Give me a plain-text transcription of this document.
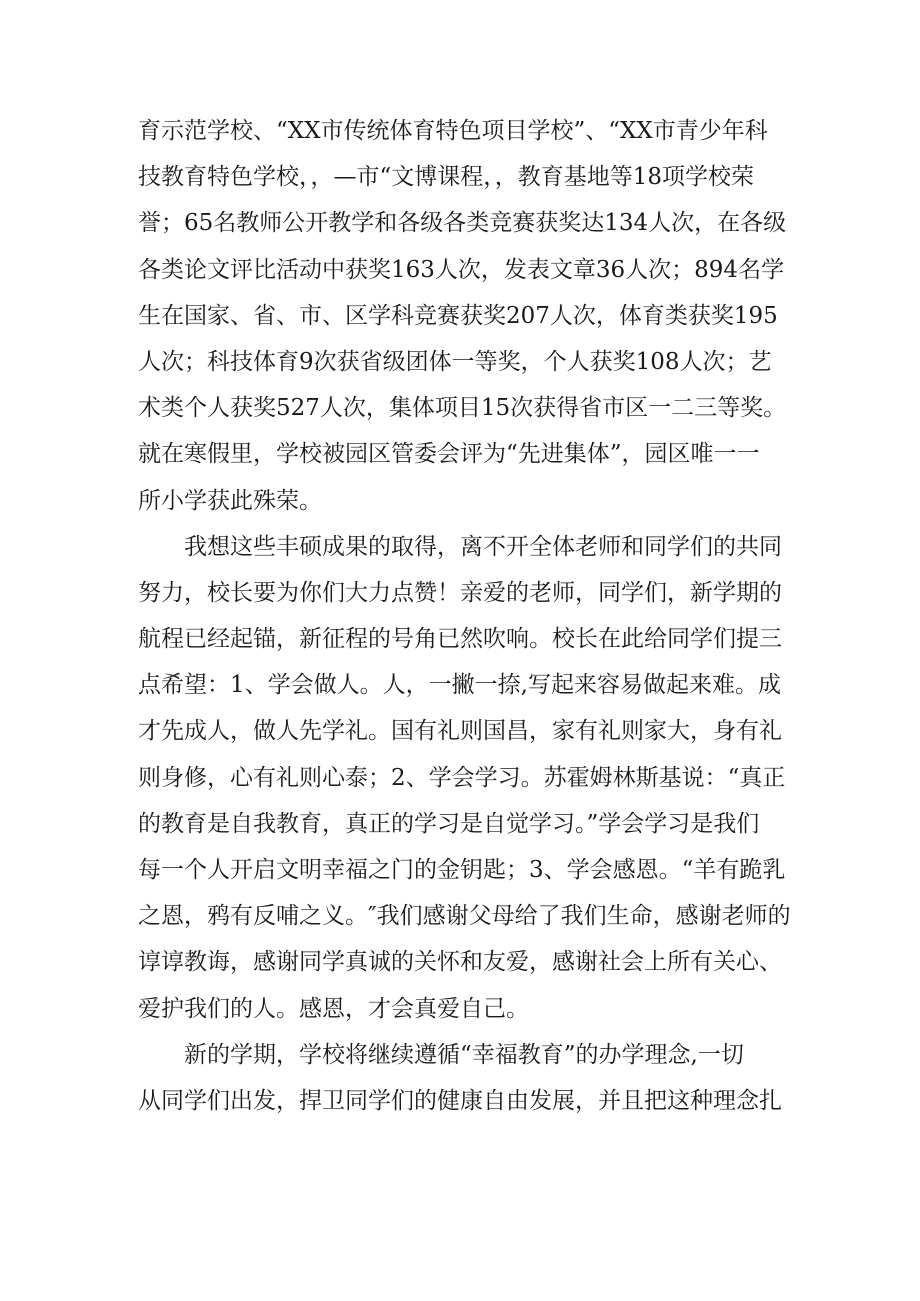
育示范学校、“XX市传统体育特色项目学校”、“XX市青少年科
技教育特色学校，，—市“文博课程，，教育基地等18项学校荣
誉；65名教师公开教学和各级各类竞赛获奖达134人次，在各级
各类论文评比活动中获奖163人次，发表文章36人次；894名学
生在国家、省、市、区学科竞赛获奖207人次，体育类获奖195
人次；科技体育9次获省级团体一等奖，个人获奖108人次；艺
术类个人获奖527人次，集体项目15次获得省市区一二三等奖。
就在寒假里，学校被园区管委会评为“先进集体”，园区唯一一
所小学获此殊荣。
我想这些丰硕成果的取得，离不开全体老师和同学们的共同
努力，校长要为你们大力点赞！亲爱的老师，同学们，新学期的
航程已经起锚，新征程的号角已然吹响。校长在此给同学们提三
点希望：1、学会做人。人，一撇一捺,写起来容易做起来难。成
才先成人，做人先学礼。国有礼则国昌，家有礼则家大，身有礼
则身修，心有礼则心泰；2、学会学习。苏霍姆林斯基说：“真正
的教育是自我教育，真正的学习是自觉学习。”学会学习是我们
每一个人开启文明幸福之门的金钥匙；3、学会感恩。“羊有跪乳
之恩，鸦有反哺之义。″我们感谢父母给了我们生命，感谢老师的
谆谆教诲，感谢同学真诚的关怀和友爱，感谢社会上所有关心、
爱护我们的人。感恩，才会真爱自己。
新的学期，学校将继续遵循“幸福教育”的办学理念,一切
从同学们出发，捍卫同学们的健康自由发展，并且把这种理念扎
